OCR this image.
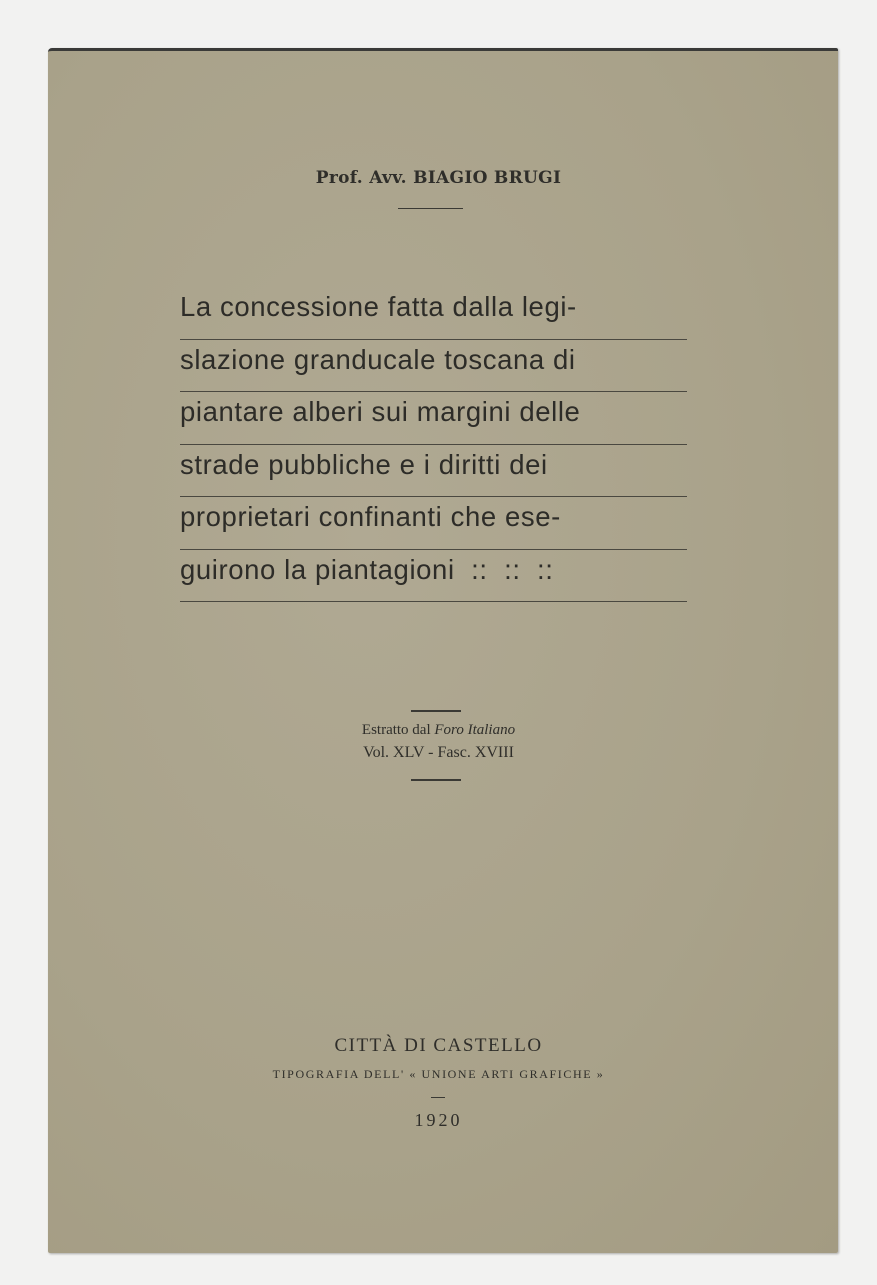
Prof. Avv. BIAGIO BRUGI
La concessione fatta dalla legi-
slazione granducale toscana di
piantare alberi sui margini delle
strade pubbliche e i diritti dei
proprietari confinanti che ese-
guirono la piantagioni  ::  ::  ::
Estratto dal Foro Italiano
Vol. XLV - Fasc. XVIII
CITTÀ DI CASTELLO
TIPOGRAFIA DELL' « UNIONE ARTI GRAFICHE »
1920
